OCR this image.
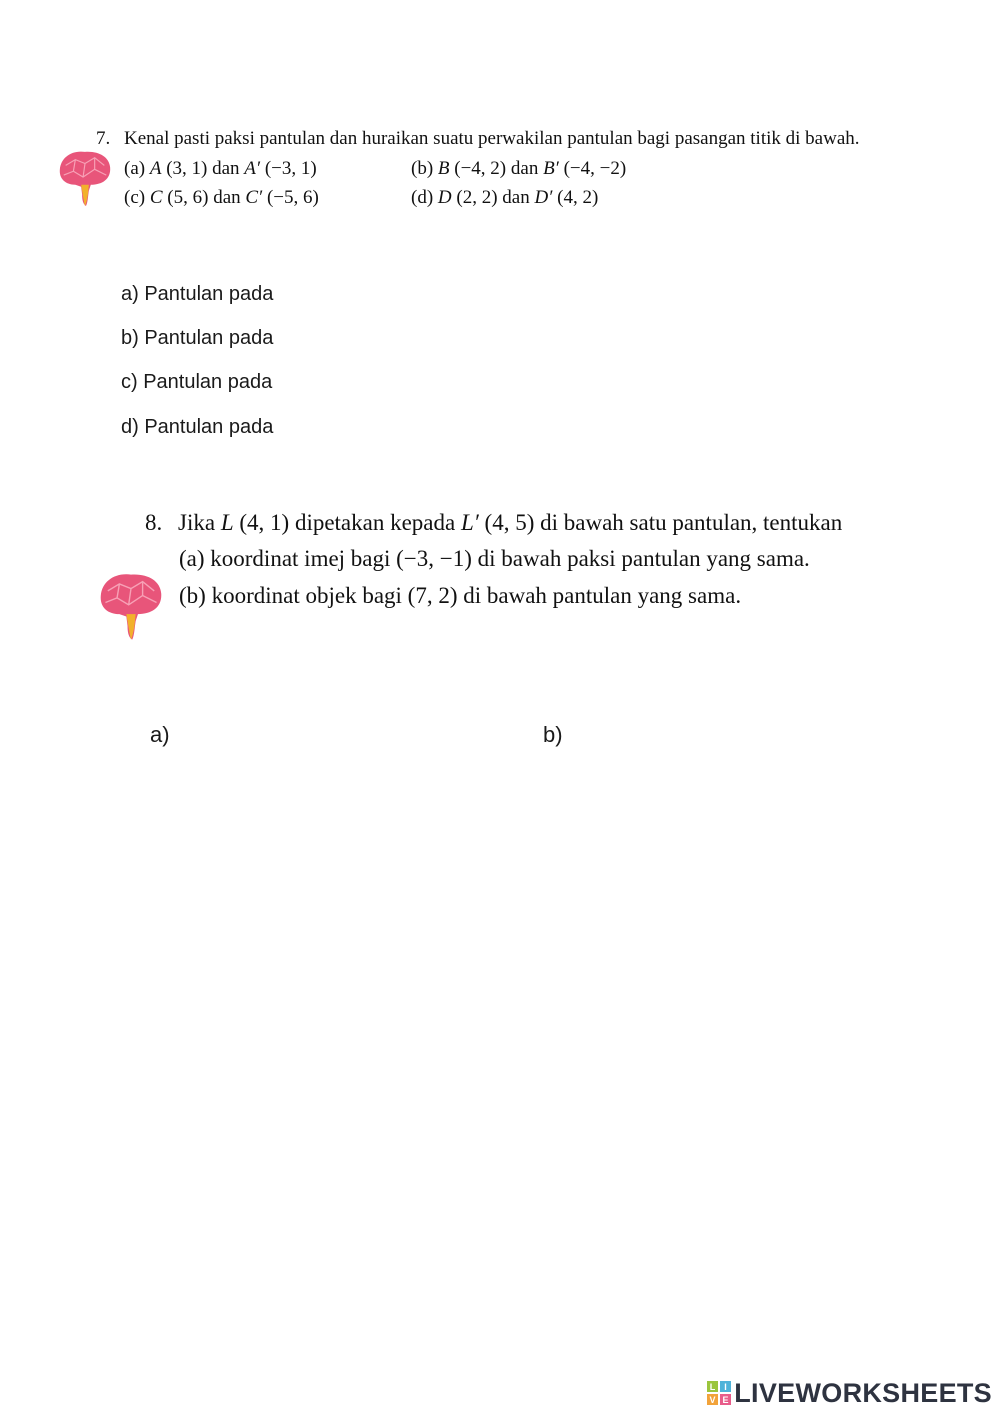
7. Kenal pasti paksi pantulan dan huraikan suatu perwakilan pantulan bagi pasangan titik di bawah.
(a) A (3, 1) dan A′ (−3, 1)	(b) B (−4, 2) dan B′ (−4, −2)
(c) C (5, 6) dan C′ (−5, 6)	(d) D (2, 2) dan D′ (4, 2)
a) Pantulan pada
b) Pantulan pada
c) Pantulan pada
d) Pantulan pada
8. Jika L (4, 1) dipetakan kepada L′ (4, 5) di bawah satu pantulan, tentukan
(a) koordinat imej bagi (−3, −1) di bawah paksi pantulan yang sama.
(b) koordinat objek bagi (7, 2) di bawah pantulan yang sama.
a)	b)
L I
V E LIVEWORKSHEETS
